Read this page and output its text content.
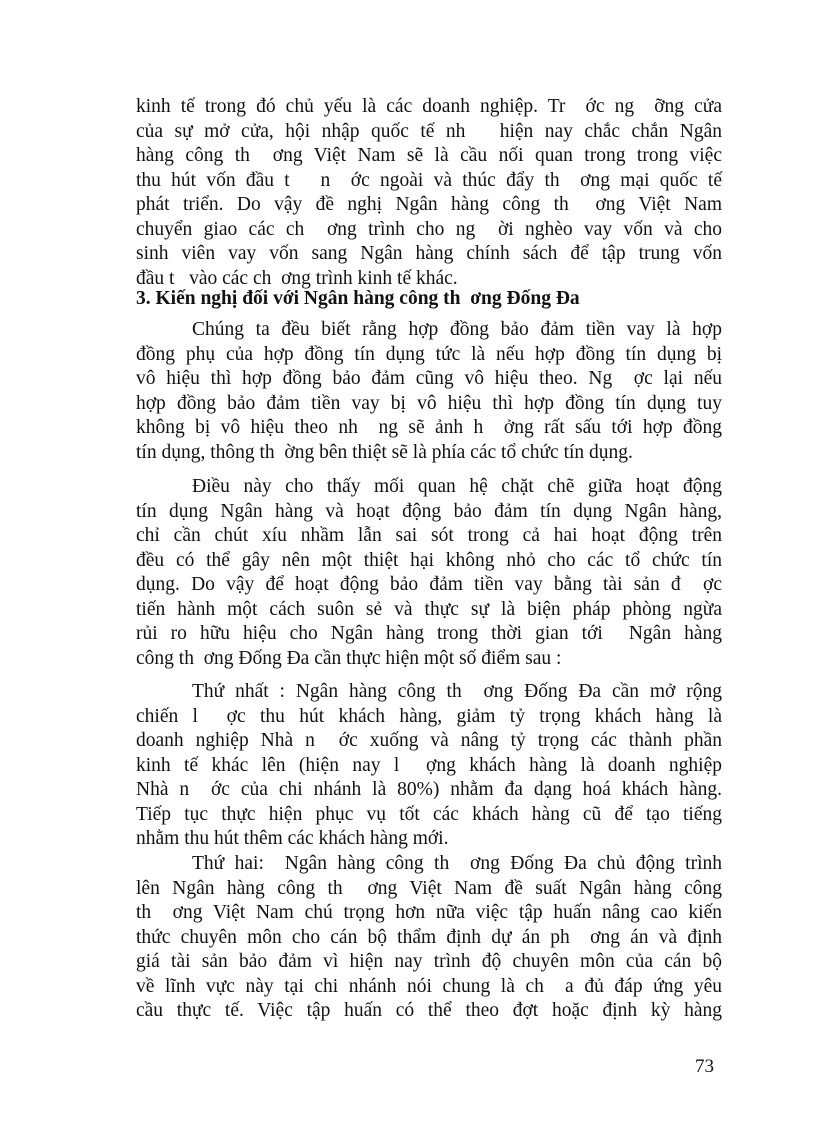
kinh tế trong đó chủ yếu là các doanh nghiệp. Tr  ớc ng  ỡng cửa
của sự mở cửa, hội nhập quốc tế nh   hiện nay chắc chắn Ngân
hàng công th  ơng Việt Nam sẽ là cầu nối quan trong trong việc
thu hút vốn đầu t   n  ớc ngoài và thúc đẩy th  ơng mại quốc tế
phát triển. Do vậy đề nghị Ngân hàng công th  ơng Việt Nam
chuyển giao các ch  ơng trình cho ng  ời nghèo vay vốn và cho
sinh viên vay vốn sang Ngân hàng chính sách để tập trung vốn
đầu t   vào các ch  ơng trình kinh tế khác.
3. Kiến nghị đối với Ngân hàng công th  ơng Đống Đa
Chúng ta đều biết rằng hợp đồng bảo đảm tiền vay là hợp
đồng phụ của hợp đồng tín dụng tức là nếu hợp đồng tín dụng bị
vô hiệu thì hợp đồng bảo đảm cũng vô hiệu theo. Ng  ợc lại nếu
hợp đồng bảo đảm tiền vay bị vô hiệu thì hợp đồng tín dụng tuy
không bị vô hiệu theo nh  ng sẽ ảnh h  ởng rất sấu tới hợp đồng
tín dụng, thông th  ờng bên thiệt sẽ là phía các tổ chức tín dụng.
Điều này cho thấy mối quan hệ chặt chẽ giữa hoạt động
tín dụng Ngân hàng và hoạt động bảo đảm tín dụng Ngân hàng,
chỉ cần chút xíu nhầm lẫn sai sót trong cả hai hoạt động trên
đều có thể gây nên một thiệt hại không nhỏ cho các tổ chức tín
dụng. Do vậy để hoạt động bảo đảm tiền vay bằng tài sản đ  ợc
tiến hành một cách suôn sẻ và thực sự là biện pháp phòng ngừa
rủi ro hữu hiệu cho Ngân hàng trong thời gian tới  Ngân hàng
công th  ơng Đống Đa cần thực hiện một số điểm sau :
Thứ nhất : Ngân hàng công th  ơng Đống Đa cần mở rộng
chiến l  ợc thu hút khách hàng, giảm tỷ trọng khách hàng là
doanh nghiệp Nhà n  ớc xuống và nâng tỷ trọng các thành phần
kinh tế khác lên (hiện nay l  ợng khách hàng là doanh nghiệp
Nhà n  ớc của chi nhánh là 80%) nhằm đa dạng hoá khách hàng.
Tiếp tục thực hiện phục vụ tốt các khách hàng cũ để tạo tiếng
nhằm thu hút thêm các khách hàng mới.
Thứ hai:  Ngân hàng công th  ơng Đống Đa chủ động trình
lên Ngân hàng công th  ơng Việt Nam đề suất Ngân hàng công
th  ơng Việt Nam chú trọng hơn nữa việc tập huấn nâng cao kiến
thức chuyên môn cho cán bộ thẩm định dự án ph  ơng án và định
giá tài sản bảo đảm vì hiện nay trình độ chuyên môn của cán bộ
về lĩnh vực này tại chi nhánh nói chung là ch  a đủ đáp ứng yêu
cầu thực tế. Việc tập huấn có thể theo đợt hoặc định kỳ hàng
73
